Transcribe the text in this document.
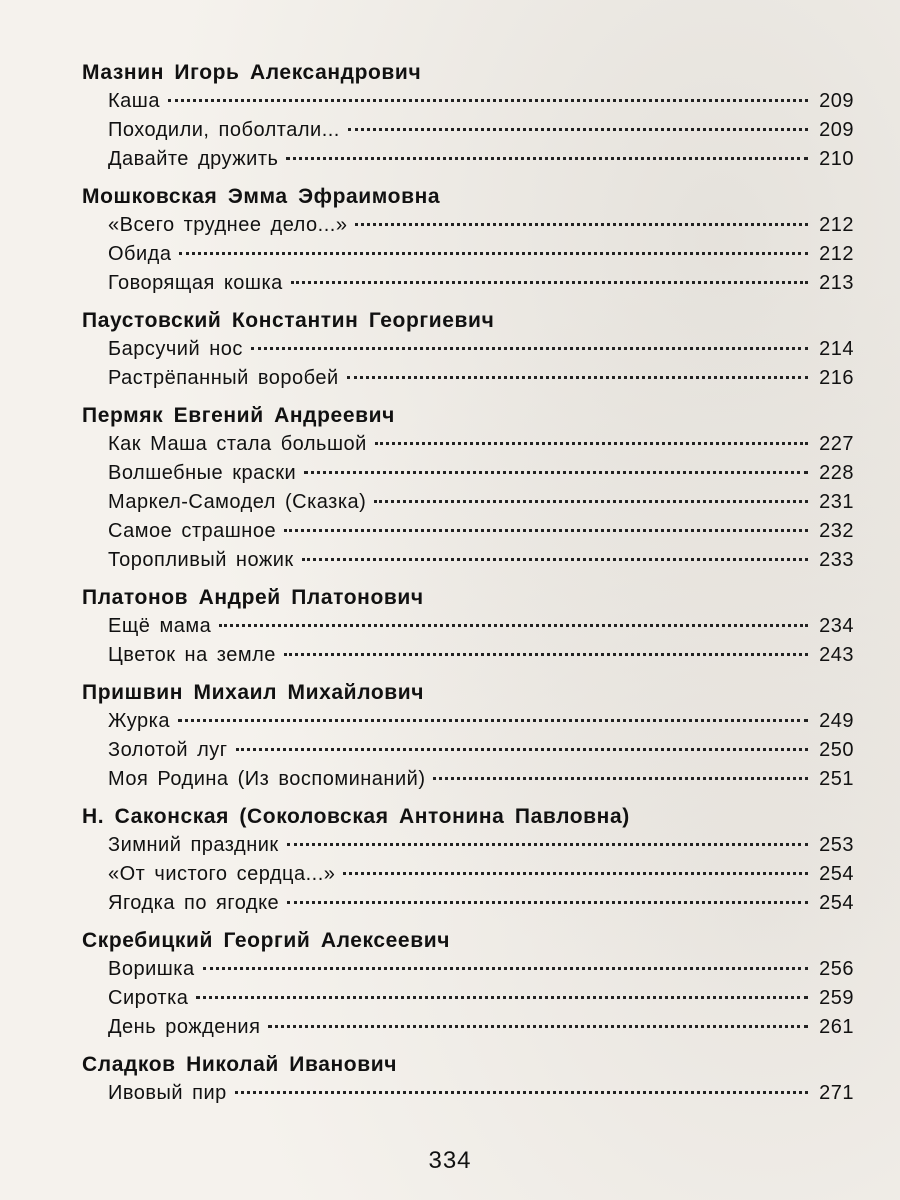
Мазнин Игорь Александрович
Каша	209
Походили, поболтали...	209
Давайте дружить	210
Мошковская Эмма Эфраимовна
«Всего труднее дело...»	212
Обида	212
Говорящая кошка	213
Паустовский Константин Георгиевич
Барсучий нос	214
Растрёпанный воробей	216
Пермяк Евгений Андреевич
Как Маша стала большой	227
Волшебные краски	228
Маркел-Самодел (Сказка)	231
Самое страшное	232
Торопливый ножик	233
Платонов Андрей Платонович
Ещё мама	234
Цветок на земле	243
Пришвин Михаил Михайлович
Журка	249
Золотой луг	250
Моя Родина (Из воспоминаний)	251
Н. Саконская (Соколовская Антонина Павловна)
Зимний праздник	253
«От чистого сердца...»	254
Ягодка по ягодке	254
Скребицкий Георгий Алексеевич
Воришка	256
Сиротка	259
День рождения	261
Сладков Николай Иванович
Ивовый пир	271
334
